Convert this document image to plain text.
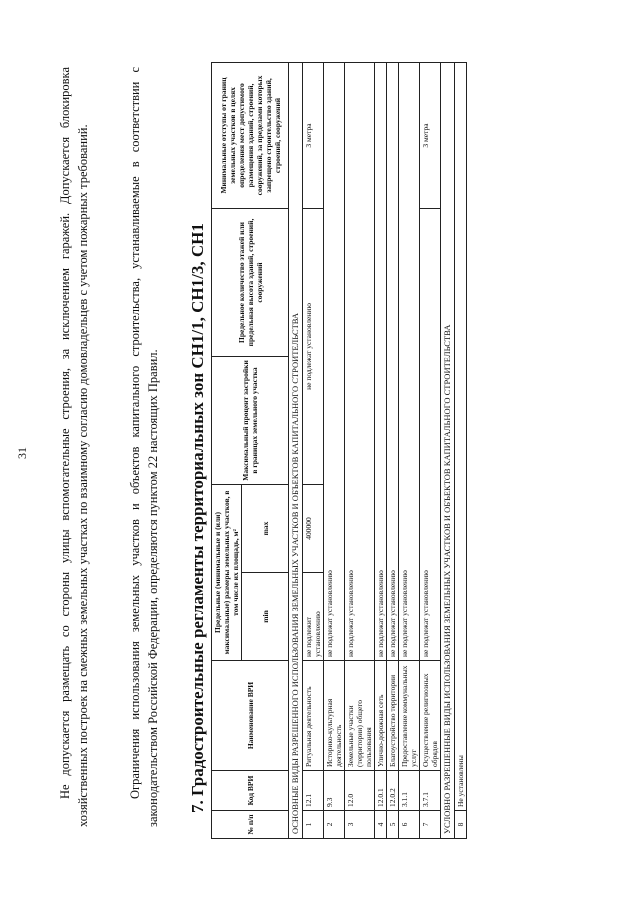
31 Не допускается размещать со стороны улицы вспомогательные строения, за исключением гаражей. Допускается блокировка хозяйственных построек на смежных земельных участках по взаимному согласию домовладельцев с учетом пожарных требований.	Ограничения использования земельных участков и объектов капитального строительства, устанавливаемые в соответствии с законодательством Российской Федерации, определяются пунктом 22 настоящих Правил. 7. Градостроительные регламенты территориальных зон СН1/1, СН1/3, СН1
№ п/п	Код ВРИ	Наименование ВРИ	Предельные (минимальные и (или) максимальные) размеры земельных участков, в том числе их площадь, м²		Максимальный процент застройки в границах земельного участка	Предельное количество этажей или предельная высота зданий, строений, сооружений	Минимальные отступы от границ земельных участков в целях определения мест допустимого размещения зданий, строений, сооружений, за пределами которых запрещено строительство зданий, строений, сооружений
			min	max			
ОСНОВНЫЕ ВИДЫ РАЗРЕШЕННОГО ИСПОЛЬЗОВАНИЯ ЗЕМЕЛЬНЫХ УЧАСТКОВ И ОБЪЕКТОВ КАПИТАЛЬНОГО СТРОИТЕЛЬСТВА							
1	12.1	Ритуальная деятельность	не подлежит установлению	400000	не подлежат установлению		3 метра
2	9.3	Историко-культурная деятельность	не подлежат установлению				
3	12.0	Земельные участки (территории) общего пользования	не подлежат установлению				
4	12.0.1	Улично-дорожная сеть	не подлежат установлению				
5	12.0.2	Благоустройство территории	не подлежат установлению				
6	3.1.1	Предоставление коммунальных услуг	не подлежат установлению				
7	3.7.1	Осуществление религиозных обрядов	не подлежат установлению				3 метра
УСЛОВНО РАЗРЕШЕННЫЕ ВИДЫ ИСПОЛЬЗОВАНИЯ ЗЕМЕЛЬНЫХ УЧАСТКОВ И ОБЪЕКТОВ КАПИТАЛЬНОГО СТРОИТЕЛЬСТВА							
8	Не установлены						
